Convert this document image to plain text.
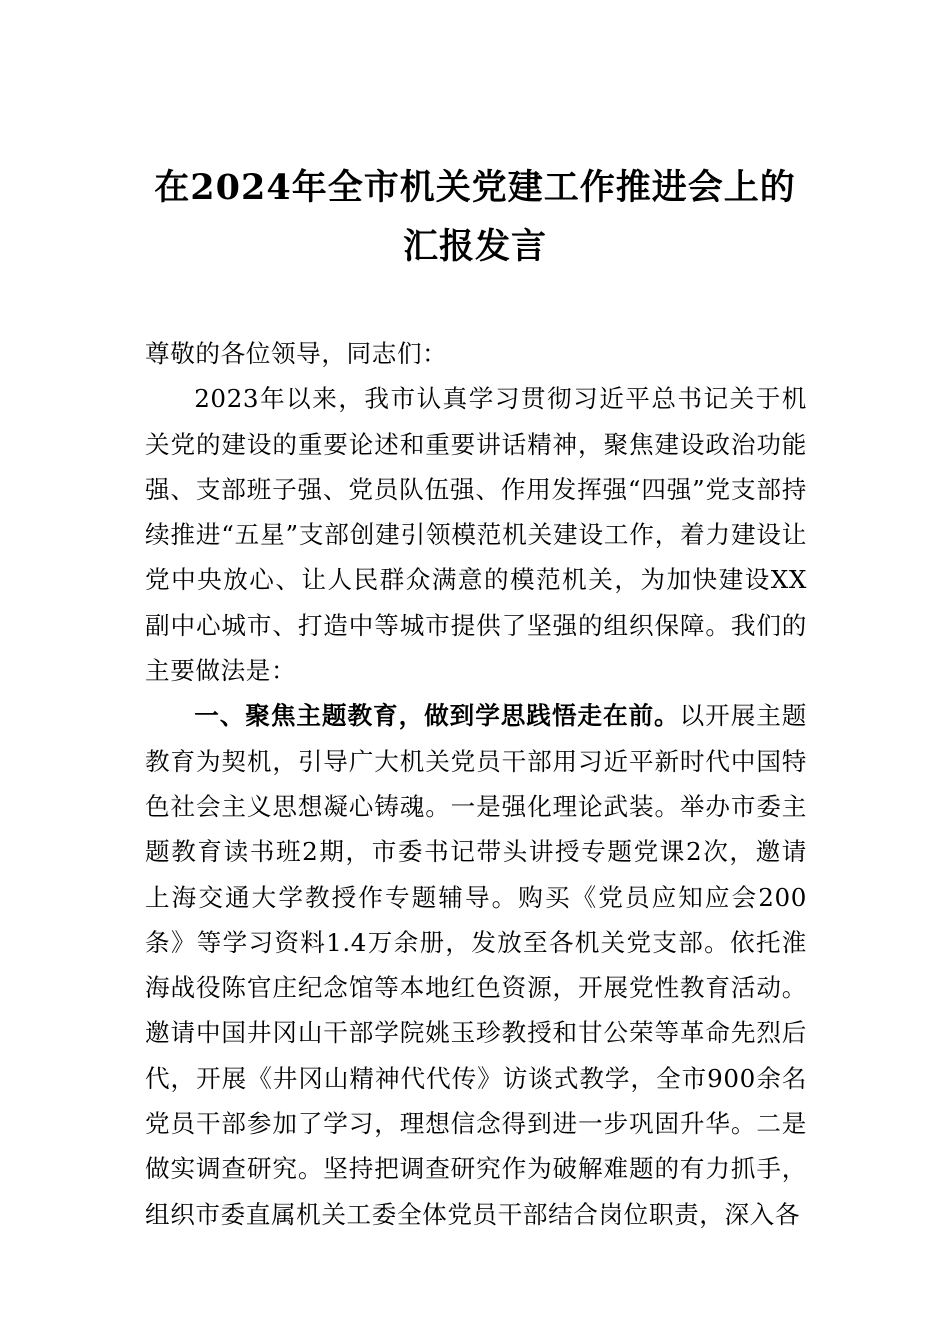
在2024年全市机关党建工作推进会上的汇报发言

尊敬的各位领导，同志们：

2023年以来，我市认真学习贯彻习近平总书记关于机关党的建设的重要论述和重要讲话精神，聚焦建设政治功能强、支部班子强、党员队伍强、作用发挥强“四强”党支部持续推进“五星”支部创建引领模范机关建设工作，着力建设让党中央放心、让人民群众满意的模范机关，为加快建设XX副中心城市、打造中等城市提供了坚强的组织保障。我们的主要做法是：

一、聚焦主题教育，做到学思践悟走在前。以开展主题教育为契机，引导广大机关党员干部用习近平新时代中国特色社会主义思想凝心铸魂。一是强化理论武装。举办市委主题教育读书班2期，市委书记带头讲授专题党课2次，邀请上海交通大学教授作专题辅导。购买《党员应知应会200条》等学习资料1.4万余册，发放至各机关党支部。依托淮海战役陈官庄纪念馆等本地红色资源，开展党性教育活动。邀请中国井冈山干部学院姚玉珍教授和甘公荣等革命先烈后代，开展《井冈山精神代代传》访谈式教学，全市900余名党员干部参加了学习，理想信念得到进一步巩固升华。二是做实调查研究。坚持把调查研究作为破解难题的有力抓手，组织市委直属机关工委全体党员干部结合岗位职责，深入各
